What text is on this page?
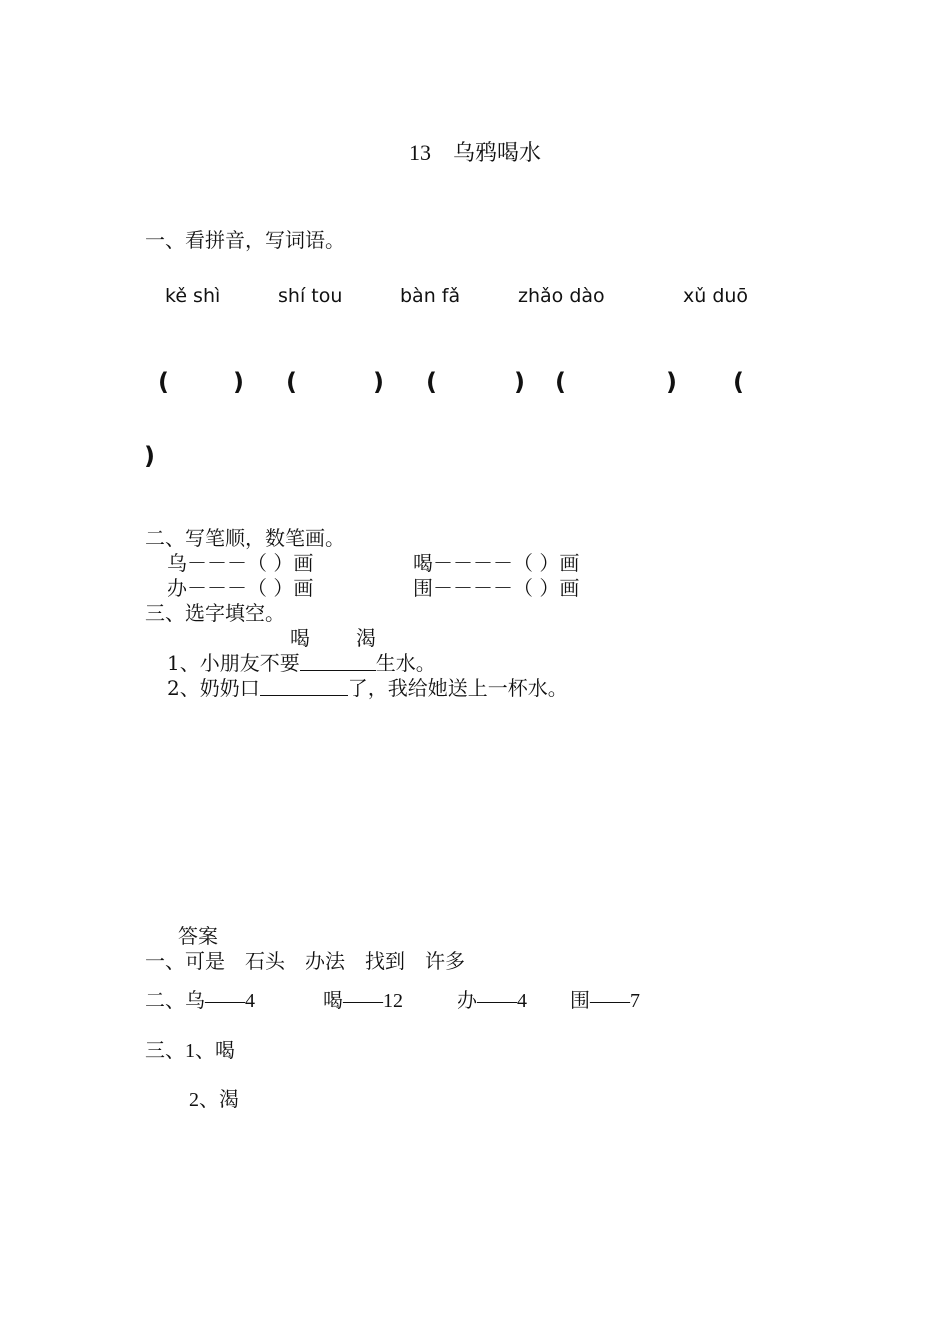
13 乌鸦喝水
一、看拼音，写词语。
kě shì	shí tou	bàn fǎ	zhǎo dào	xǔ duō
(	) (	) (	) (	) (
)
二、写笔顺，数笔画。
乌－－－（ ）画	喝－－－－（ ）画
办－－－（ ）画	围－－－－（ ）画
三、选字填空。
喝 渴
1、小朋友不要	生水。
2、奶奶口	了，我给她送上一杯水。
答案
一、可是　石头　办法　找到　许多
二、乌——4	喝——12	办——4 围——7
三、1、喝
2、渴
